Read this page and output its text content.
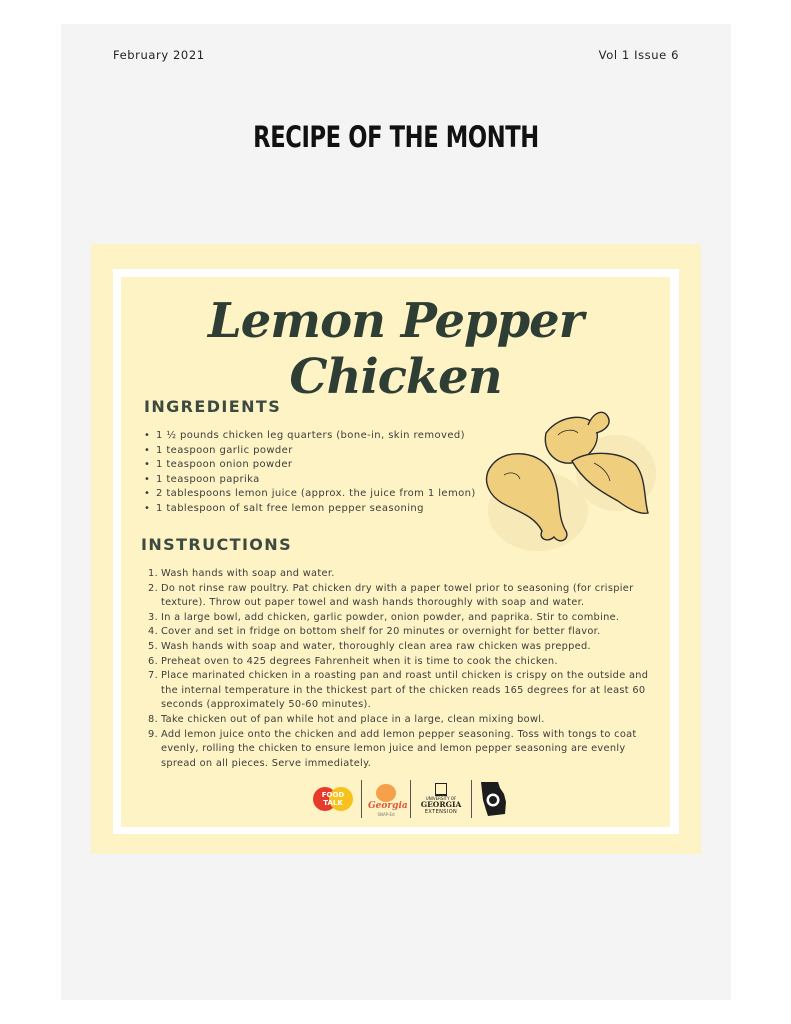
February 2021	Vol 1 Issue 6
RECIPE OF THE MONTH
Lemon Pepper Chicken
INGREDIENTS
• 1 ½ pounds chicken leg quarters (bone-in, skin removed)
• 1 teaspoon garlic powder
• 1 teaspoon onion powder
• 1 teaspoon paprika
• 2 tablespoons lemon juice (approx. the juice from 1 lemon)
• 1 tablespoon of salt free lemon pepper seasoning
INSTRUCTIONS
1. Wash hands with soap and water.
2. Do not rinse raw poultry. Pat chicken dry with a paper towel prior to seasoning (for crispier texture). Throw out paper towel and wash hands thoroughly with soap and water.
3. In a large bowl, add chicken, garlic powder, onion powder, and paprika. Stir to combine.
4. Cover and set in fridge on bottom shelf for 20 minutes or overnight for better flavor.
5. Wash hands with soap and water, thoroughly clean area raw chicken was prepped.
6. Preheat oven to 425 degrees Fahrenheit when it is time to cook the chicken.
7. Place marinated chicken in a roasting pan and roast until chicken is crispy on the outside and the internal temperature in the thickest part of the chicken reads 165 degrees for at least 60 seconds (approximately 50-60 minutes).
8. Take chicken out of pan while hot and place in a large, clean mixing bowl.
9. Add lemon juice onto the chicken and add lemon pepper seasoning. Toss with tongs to coat evenly, rolling the chicken to ensure lemon juice and lemon pepper seasoning are evenly spread on all pieces. Serve immediately.
FOOD TALK	Georgia
SNAP-Ed
UNIVERSITY OF
GEORGIA
EXTENSION
